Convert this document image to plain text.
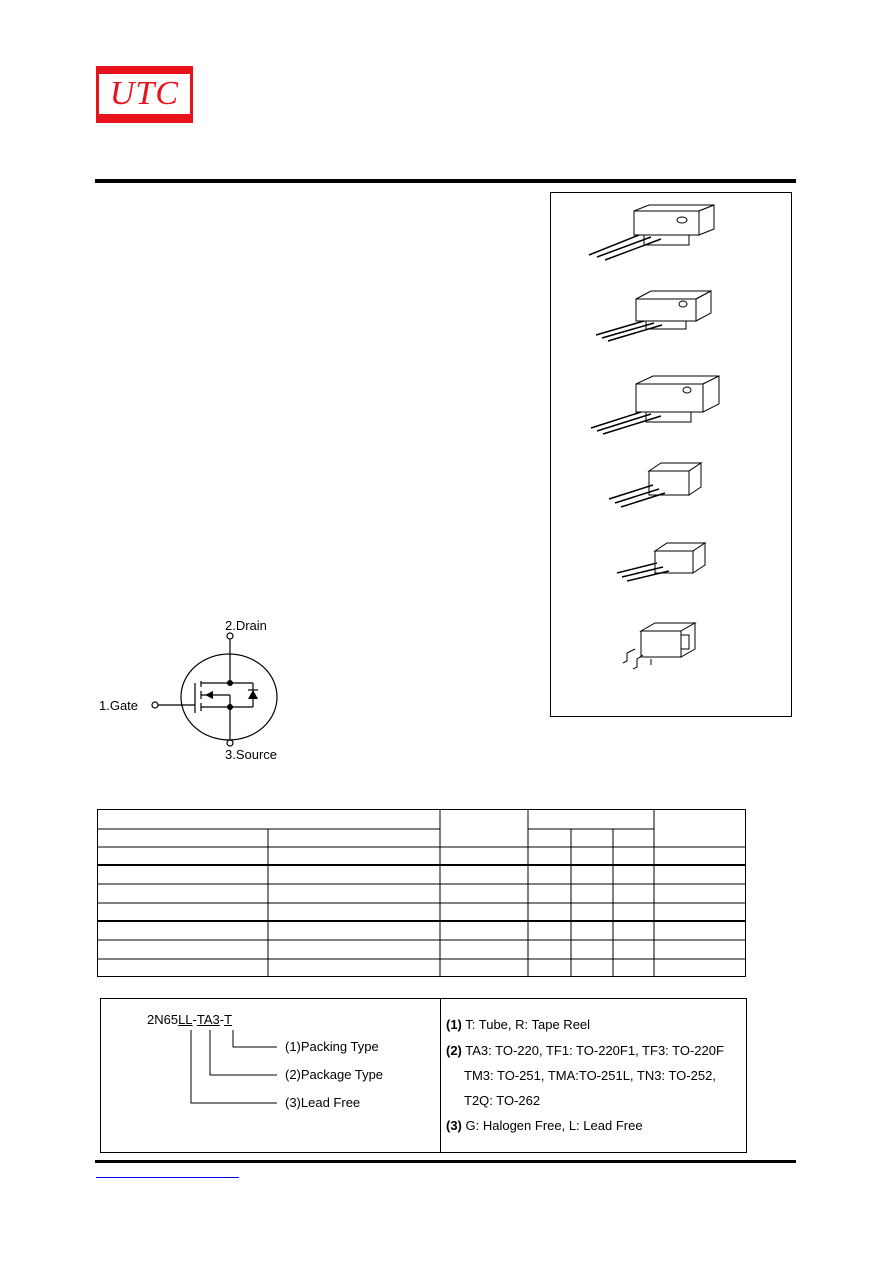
UTC
2.Drain
1.Gate
3.Source
2N65LL-TA3-T
(1)Packing Type
(2)Package Type
(3)Lead Free
(1) T: Tube, R: Tape Reel
(2) TA3: TO-220, TF1: TO-220F1, TF3: TO-220F
TM3: TO-251, TMA:TO-251L, TN3: TO-252,
T2Q: TO-262
(3) G: Halogen Free, L: Lead Free
